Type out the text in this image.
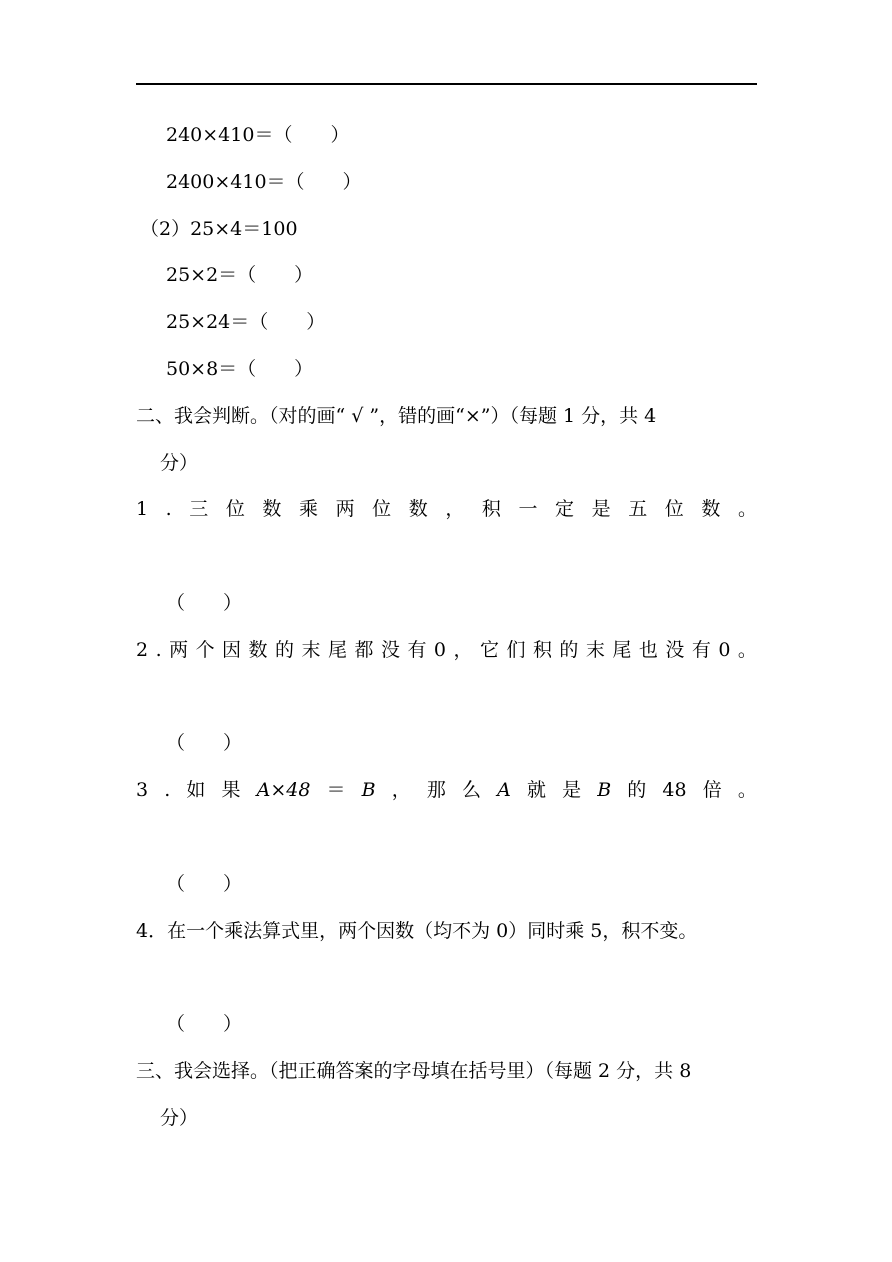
240×410＝（　　）
2400×410＝（　　）
（2）25×4＝100
25×2＝（　　）
25×24＝（　　）
50×8＝（　　）
二、我会判断。（对的画“ √ ”，错的画“×”）（每题 1 分，共 4
分）
1 . 三 位 数 乘 两 位 数 ， 积 一 定 是 五 位 数 。
（　　）
2 . 两 个 因 数 的 末 尾 都 没 有 0 ， 它 们 积 的 末 尾 也 没 有 0 。
（　　）
3 . 如 果 A×48 ＝ B ， 那 么 A 就 是 B 的 48 倍 。
（　　）
4．在一个乘法算式里，两个因数（均不为 0）同时乘 5，积不变。
（　　）
三、我会选择。（把正确答案的字母填在括号里）（每题 2 分，共 8
分）
